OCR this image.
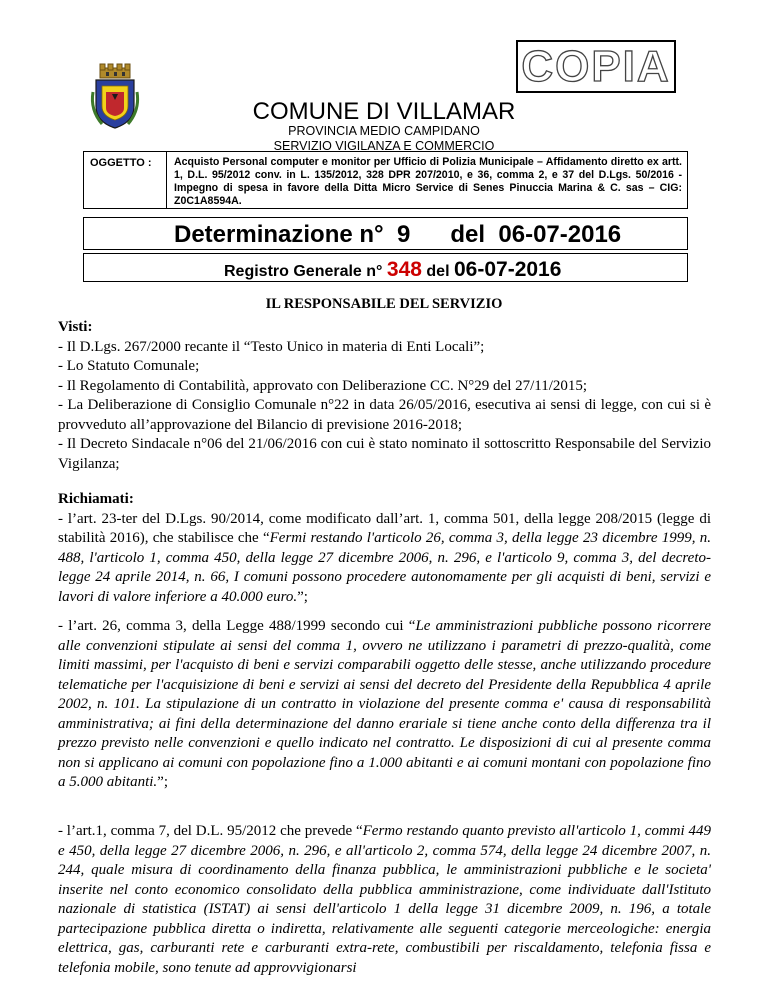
COPIA
COMUNE DI VILLAMAR
PROVINCIA MEDIO CAMPIDANO
SERVIZIO VIGILANZA E COMMERCIO
OGGETTO : Acquisto Personal computer e monitor per Ufficio di Polizia Municipale – Affidamento diretto ex artt. 1, D.L. 95/2012 conv. in L. 135/2012, 328 DPR 207/2010, e 36, comma 2, e 37 del D.Lgs. 50/2016 - Impegno di spesa in favore della Ditta Micro Service di Senes Pinuccia Marina & C. sas – CIG: Z0C1A8594A.
Determinazione n° 9 del 06-07-2016
Registro Generale n° 348 del 06-07-2016
IL RESPONSABILE DEL SERVIZIO

Visti:

- Il D.Lgs. 267/2000 recante il “Testo Unico in materia di Enti Locali”;

- Lo Statuto Comunale;

- Il Regolamento di Contabilità, approvato con Deliberazione CC. N°29 del 27/11/2015;

- La Deliberazione di Consiglio Comunale n°22 in data 26/05/2016, esecutiva ai sensi di legge, con cui si è provveduto all’approvazione del Bilancio di previsione 2016-2018;

- Il Decreto Sindacale n°06 del 21/06/2016 con cui è stato nominato il sottoscritto Responsabile del Servizio Vigilanza;

Richiamati:

- l’art. 23-ter del D.Lgs. 90/2014, come modificato dall’art. 1, comma 501, della legge 208/2015 (legge di stabilità 2016), che stabilisce che “Fermi restando l'articolo 26, comma 3, della legge 23 dicembre 1999, n. 488, l'articolo 1, comma 450, della legge 27 dicembre 2006, n. 296, e l'articolo 9, comma 3, del decreto-legge 24 aprile 2014, n. 66, I comuni possono procedere autonomamente per gli acquisti di beni, servizi e lavori di valore inferiore a 40.000 euro.”;

- l’art. 26, comma 3, della Legge 488/1999 secondo cui “Le amministrazioni pubbliche possono ricorrere alle convenzioni stipulate ai sensi del comma 1, ovvero ne utilizzano i parametri di prezzo-qualità, come limiti massimi, per l'acquisto di beni e servizi comparabili oggetto delle stesse, anche utilizzando procedure telematiche per l'acquisizione di beni e servizi ai sensi del decreto del Presidente della Repubblica 4 aprile 2002, n. 101. La stipulazione di un contratto in violazione del presente comma e' causa di responsabilità amministrativa; ai fini della determinazione del danno erariale si tiene anche conto della differenza tra il prezzo previsto nelle convenzioni e quello indicato nel contratto. Le disposizioni di cui al presente comma non si applicano ai comuni con popolazione fino a 1.000 abitanti e ai comuni montani con popolazione fino a 5.000 abitanti.”;

- l’art.1, comma 7, del D.L. 95/2012 che prevede “Fermo restando quanto previsto all'articolo 1, commi 449 e 450, della legge 27 dicembre 2006, n. 296, e all'articolo 2, comma 574, della legge 24 dicembre 2007, n. 244, quale misura di coordinamento della finanza pubblica, le amministrazioni pubbliche e le societa' inserite nel conto economico consolidato della pubblica amministrazione, come individuate dall'Istituto nazionale di statistica (ISTAT) ai sensi dell'articolo 1 della legge 31 dicembre 2009, n. 196, a totale partecipazione pubblica diretta o indiretta, relativamente alle seguenti categorie merceologiche: energia elettrica, gas, carburanti rete e carburanti extra-rete, combustibili per riscaldamento, telefonia fissa e telefonia mobile, sono tenute ad approvvigionarsi
